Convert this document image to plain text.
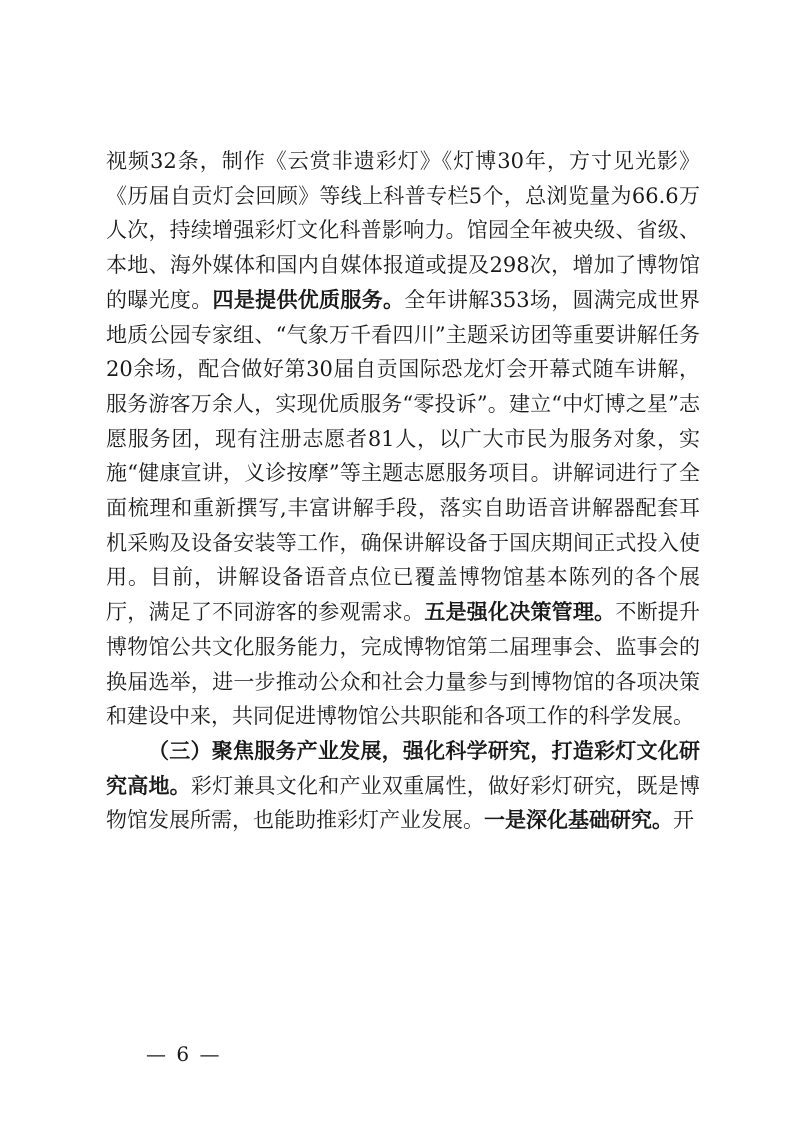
视频32条，制作《云赏非遗彩灯》《灯博30年，方寸见光影》《历届自贡灯会回顾》等线上科普专栏5个，总浏览量为66.6万人次，持续增强彩灯文化科普影响力。馆园全年被央级、省级、本地、海外媒体和国内自媒体报道或提及298次，增加了博物馆的曝光度。四是提供优质服务。全年讲解353场，圆满完成世界地质公园专家组、“气象万千看四川”主题采访团等重要讲解任务20余场，配合做好第30届自贡国际恐龙灯会开幕式随车讲解，服务游客万余人，实现优质服务“零投诉”。建立“中灯博之星”志愿服务团，现有注册志愿者81人，以广大市民为服务对象，实施“健康宣讲，义诊按摩”等主题志愿服务项目。讲解词进行了全面梳理和重新撰写,丰富讲解手段，落实自助语音讲解器配套耳机采购及设备安装等工作，确保讲解设备于国庆期间正式投入使用。目前，讲解设备语音点位已覆盖博物馆基本陈列的各个展厅，满足了不同游客的参观需求。五是强化决策管理。不断提升博物馆公共文化服务能力，完成博物馆第二届理事会、监事会的换届选举，进一步推动公众和社会力量参与到博物馆的各项决策和建设中来，共同促进博物馆公共职能和各项工作的科学发展。

（三）聚焦服务产业发展，强化科学研究，打造彩灯文化研究高地。彩灯兼具文化和产业双重属性，做好彩灯研究，既是博物馆发展所需，也能助推彩灯产业发展。一是深化基础研究。开

— 6 —
